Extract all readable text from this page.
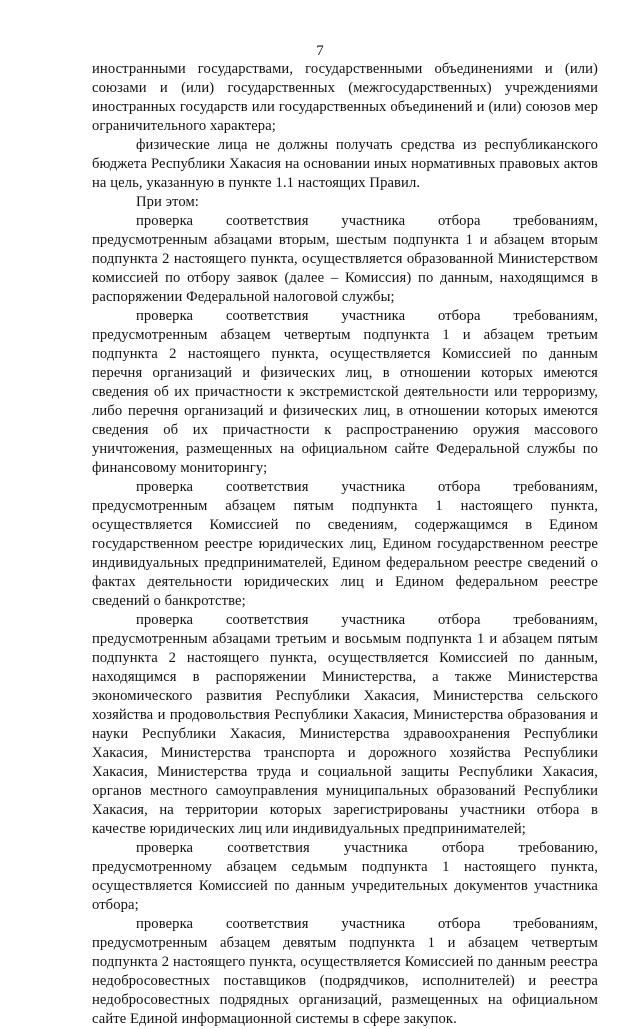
7

иностранными государствами, государственными объединениями и (или) союзами и (или) государственных (межгосударственных) учреждениями иностранных государств или государственных объединений и (или) союзов мер ограничительного характера;

физические лица не должны получать средства из республиканского бюджета Республики Хакасия на основании иных нормативных правовых актов на цель, указанную в пункте 1.1 настоящих Правил.

При этом:

проверка соответствия участника отбора требованиям, предусмотренным абзацами вторым, шестым подпункта 1 и абзацем вторым подпункта 2 настоящего пункта, осуществляется образованной Министерством комиссией по отбору заявок (далее – Комиссия) по данным, находящимся в распоряжении Федеральной налоговой службы;

проверка соответствия участника отбора требованиям, предусмотренным абзацем четвертым подпункта 1 и абзацем третьим подпункта 2 настоящего пункта, осуществляется Комиссией по данным перечня организаций и физических лиц, в отношении которых имеются сведения об их причастности к экстремистской деятельности или терроризму, либо перечня организаций и физических лиц, в отношении которых имеются сведения об их причастности к распространению оружия массового уничтожения, размещенных на официальном сайте Федеральной службы по финансовому мониторингу;

проверка соответствия участника отбора требованиям, предусмотренным абзацем пятым подпункта 1 настоящего пункта, осуществляется Комиссией по сведениям, содержащимся в Едином государственном реестре юридических лиц, Едином государственном реестре индивидуальных предпринимателей, Едином федеральном реестре сведений о фактах деятельности юридических лиц и Едином федеральном реестре сведений о банкротстве;

проверка соответствия участника отбора требованиям, предусмотренным абзацами третьим и восьмым подпункта 1 и абзацем пятым подпункта 2 настоящего пункта, осуществляется Комиссией по данным, находящимся в распоряжении Министерства, а также Министерства экономического развития Республики Хакасия, Министерства сельского хозяйства и продовольствия Республики Хакасия, Министерства образования и науки Республики Хакасия, Министерства здравоохранения Республики Хакасия, Министерства транспорта и дорожного хозяйства Республики Хакасия, Министерства труда и социальной защиты Республики Хакасия, органов местного самоуправления муниципальных образований Республики Хакасия, на территории которых зарегистрированы участники отбора в качестве юридических лиц или индивидуальных предпринимателей;

проверка соответствия участника отбора требованию, предусмотренному абзацем седьмым подпункта 1 настоящего пункта, осуществляется Комиссией по данным учредительных документов участника отбора;

проверка соответствия участника отбора требованиям, предусмотренным абзацем девятым подпункта 1 и абзацем четвертым подпункта 2 настоящего пункта, осуществляется Комиссией по данным реестра недобросовестных поставщиков (подрядчиков, исполнителей) и реестра недобросовестных подрядных организаций, размещенных на официальном сайте Единой информационной системы в сфере закупок.
